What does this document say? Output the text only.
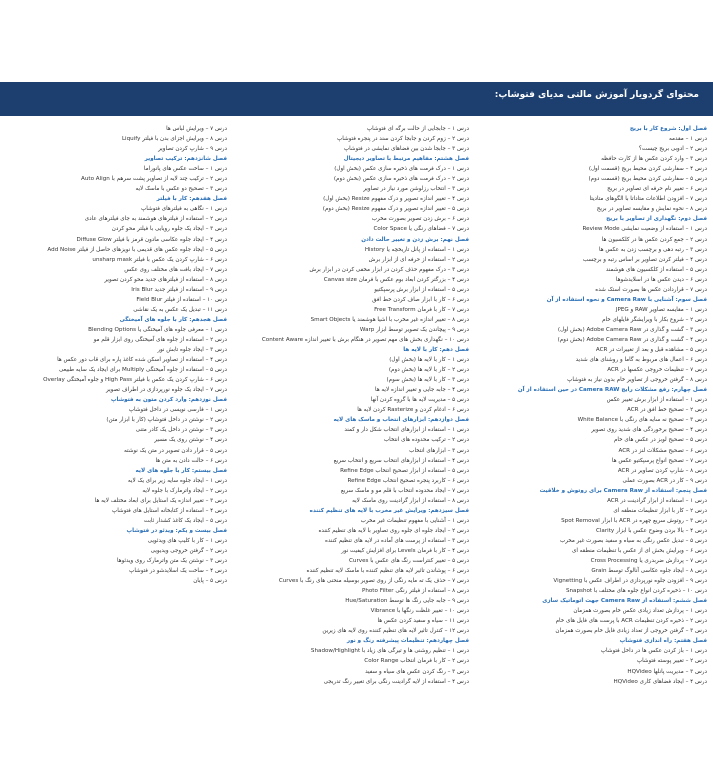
محتوای گردویار آموزش مالتی مدیای فتوشاپ:
فصل اول: شروع کار با بریج
درس ۱ – مقدمه
درس ۲ – ادوبی بریج چیست؟
درس ۳ – وارد کردن عکس ها از کارت حافظه
درس ۴ – سفارشی کردن محیط بریج (قسمت اول)
درس ۵ – سفارشی کردن محیط بریج (قسمت دوم)
درس ۶ – تغییر نام حرفه ای تصاویر در بریج
درس ۷ – افزودن اطلاعات متاداتا با الگوهای متادیتا
درس ۸ – نحوه نمایش و مقایسه تصاویر در بریج
فصل دوم: نگهداری از تصاویر با بریج
درس ۱ – استفاده از وضعیت نمایشی Review Mode
درس ۲ – جمع کردن عکس ها در کلکسیون ها
درس ۳ – رتبه دهی و برچسب زدن به عکس ها
درس ۴ – فیلتر کردن تصاویر بر اساس رتبه و برچسب
درس ۵ – استفاده از کلکسیون های هوشمند
درس ۶ – دیدن عکس ها در اسلایدشوها
درس ۷ – قراردادن عکس ها بصورت استک شده
فصل سوم: آشنایی با Camera Raw و نحوه استفاده از آن
درس ۱ – مقایسه تصاویر RAW و JPEG
درس ۲ – شروع بکار با ویرایشگر فایلهای خام
درس ۳ – گشت و گذاری در Adobe Camera Raw (بخش اول)
درس ۴ – گشت و گذاری در Adobe Camera Raw (بخش دوم)
درس ۵ – مشاهده قبل و بعد از تغییرات در ACR
درس ۶ – اعمال های مربوط به گاما و روشنای های شدید
درس ۷ – تنظیمات خروجی عکسها در ACR
درس ۸ – گرفتن خروجی از تصاویر خام بدون نیاز به فتوشاپ
فصل چهارم: رفع مشکلات رایج Camera RAW در حین استفاده از آن
درس ۱ – استفاده از ابزار برش تغییر عکس
درس ۲ – تصحیح خط افق در ACR
درس ۳ – تصحیح نه سایه های رنگی با White Balance
درس ۴ – تصحیح برخوردگی های شدید روی تصویر
درس ۵ – تصحیح لوبز در عکس های خام
درس ۶ – تصحیح مشکلات لنز در ACR
درس ۷ – تصحیح انواع پرسپکتیو عکس ها
درس ۸ – شارپ کردن تصاویر در ACR
درس ۹ – کار در ACR بصورت عملی
فصل پنجم: استفاده از Camera Raw برای روتوش و خلاقیت
درس ۱ – استفاده از ابزار گرادینت در ACR
درس ۲ – کار با ابزار تنظیمات منطقه ای
درس ۳ – روتوش سریع چهره در ACR با ابزار Spot Removal
درس ۴ – بالا بردن وضوح عکس با ابزار Clarity
درس ۵ – تبدیل عکس رنگی به سیاه و سفید بصورت غیر مخرب
درس ۶ – ویرایش بخش ای از عکس با تنظیمات منطقه ای
درس ۷ – پردازش ضربدری یا Cross Processing
درس ۸ – ایجاد جلوه عکاسی آنالوگ توسط Grain
درس ۹ – افزودن جلوه نورپردازی در اطراف عکس با Vignetting
درس ۱۰ – ذخیره کردن انواع جلوه های مختلف با Snapshot
فصل ششم: استفاده از Camera Raw جهت اتوماتیک سازی
درس ۱ – پردازش تعداد زیادی عکس خام بصورت همزمان
درس ۲ – ذخیره کردن تنظیمات ACR با پرست های فایل های خام
درس ۳ – گرفتن خروجی از تعداد زیادی فایل خام بصورت همزمان
فصل هفتم: راه اندازی فتوشاپ
درس ۱ – باز کردن عکس ها در داخل فتوشاپ
درس ۲ – تغییر پوسته فتوشاپ
درس ۳ – مدیریت پانلها HQVideo
درس ۴ – ایجاد فضاهای کاری HQVideo
درس ۱ – جابجایی از حالت برگه ای فتوشاپ
درس ۲ – زوم کردن و جابجا کردن سند در پنجره فتوشاپ
درس ۳ – جابجا شدن بین فضاهای نمایشی در فتوشاپ
فصل هشتم: مفاهیم مرتبط با تصاویر دیجیتال
درس ۱ – درک فرمت های ذخیره سازی عکس (بخش اول)
درس ۲ – درک فرمت های ذخیره سازی عکس (بخش دوم)
درس ۳ – انتخاب رزلوشن مورد نیاز در تصاویر
درس ۴ – تغییر اندازه تصویر و درک مفهوم Resize (بخش اول)
درس ۵ – تغییر اندازه تصویر و درک مفهوم Resize (بخش دوم)
درس ۶ – برش زدن تصویر بصورت مخرب
درس ۷ – فضاهای رنگی یا Color Space
فصل نهم: برش زدن و تغییر حالت دادن
درس ۱ – استفاده از پانل تاریخچه یا History
درس ۲ – استفاده از حرفه ای از ابزار برش
درس ۳ – درک مفهوم حذف کردن در ابزار مخفی کردن در ابزار برش
درس ۴ – بزرگتر کردن ابعاد بوم عکس با فرمان Canvas size
درس ۵ – استفاده از ابزار برش پرسپکتیو
درس ۶ – کار با ابزار صاف کردن خط افق
درس ۷ – کار با فرمان Free Transform
درس ۸ – تغییر اندازه غیر مخرب با اشیا هوشمند یا Smart Objects
درس ۹ – پیچاندن یک تصویر توسط ابزار Warp
درس ۱۰ – نگهداری بخش های مهم تصویر در هنگام برش با تغییر اندازه Content Aware
فصل دهم: کار با لایه ها
درس ۱ – کار با لایه ها (بخش اول)
درس ۲ – کار با لایه ها (بخش دوم)
درس ۳ – کار با لایه ها (بخش سوم)
درس ۴ – جابه جایی و تغییر اندازه لایه ها
درس ۵ – مدیریت لایه ها با گروه کردن آنها
درس ۶ – ادغام کردن و Rasterize کردن لایه ها
فصل دوازدهم: ابزارهای انتخاب و ماسک های لایه
درس ۱ – استفاده از ابزارهای انتخاب شکل دار و کمند
درس ۲ – ترکیب محدوده های انتخاب
درس ۳ – ابزارهای انتخاب
درس ۴ – استفاده از ابزارهای انتخاب سریع و انتخاب سریع
درس ۵ – استفاده از ابزار تصحیح انتخاب Refine Edge
درس ۶ – کاربرد پنجره تصحیح انتخاب Refine Edge
درس ۷ – ایجاد محدوده انتخاب با قلم مو و ماسک سریع
درس ۸ – استفاده از ابزار گرادینت روی ماسک لایه
فصل سیزدهم: ویرایش غیر مخرب با لایه های تنظیم کننده
درس ۱ – آشنایی با مفهوم تنظیمات غیر مخرب
درس ۲ – ایجاد جلوه ای جلوه روی تصاویر با لایه های تنظیم کننده
درس ۳ – استفاده از پرست های آماده در لایه های تنظیم کننده
درس ۴ – کار با فرمان Levels برای افزایش کیفیت نور
درس ۵ – تغییر کنتراست رنگ های عکس با Curves
درس ۶ – پوشاندن تاثیر لایه های تنظیم کننده با ماسک لایه تنظیم کننده
درس ۷ – حذف یک ته مایه رنگی از روی تصویر بوسیله منحنی های رنگ با Curves
درس ۸ – استفاده از فیلتر رنگی Photo Filter
درس ۹ – جابه جایی رنگ ها توسط Hue/Saturation
درس ۱۰ – تغییر غلظت رنگها با Vibrance
درس ۱۱ – سیاه و سفید کردن عکس ها
درس ۱۲ – کنترل تاثیر لایه های تنظیم کننده روی لایه های زیرین
فصل چهاردهم: تنظیمات پیشرفته رنگ و نور
درس ۱ – تنظیم روشنی ها و تیرگی های زیاد با Shadow/Highlight
درس ۲ – کار با فرمان انتخاب Color Range
درس ۳ – رنگ کردن عکس های سیاه و سفید
درس ۴ – استفاده از لایه گرادینت رنگی برای تغییر رنگ تدریجی
درس ۷ – ویرایش لباس ها
درس ۸ – ویرایش اجزای بدن با فیلتر Liquify
درس ۹ – شارپ کردن تصاویر
فصل شانزدهم: ترکیب تصاویر
درس ۱ – ساخت عکس های پانوراما
درس ۲ – ترکیب چند لایه از تصاویر پشت سرهم با Auto Align
درس ۳ – تصحیح دو عکس با ماسک لایه
فصل هفدهم: کار با فیلتر
درس ۱ – نگاهی به فیلترهای فتوشاپ
درس ۲ – استفاده از فیلترهای هوشمند به جای فیلترهای عادی
درس ۳ – ایجاد یک جلوه رویایی با فیلتر محو کردن
درس ۴ – ایجاد جلوه عکاسی مادون قرمز با فیلتر Diffuse Glow
درس ۵ – ایجاد جلوه عکس های قدیمی با نویزهای حاصل از فیلتر Add Noise
درس ۶ – شارپ کردن یک عکس با فیلتر unsharp mask
درس ۷ – ایجاد بافت های مختلف روی عکس
درس ۸ – استفاده از فیلترهای جدید محو کردن تصویر
درس ۹ – استفاده از فیلتر جدید Iris Blur
درس ۱۰ – استفاده از فیلتر Field Blur
درس ۱۱ – تبدیل یک عکس به یک نقاشی
فصل هجدهم: کار با جلوه های آمیختگی
درس ۱ – معرفی جلوه های آمیختگی یا Blending Options
درس ۲ – استفاده از جلوه های آمیختگی روی ابزار قلم مو
درس ۳ – ایجاد جلوه تابش نور
درس ۴ – استفاده از تصاویر اسکن شده کاغذ پاره برای قاب دور عکس ها
درس ۵ – استفاده از جلوه آمیختگی Multiply برای ایجاد یک سایه طبیعی
درس ۶ – شارپ کردن یک عکس با فیلتر High Pass و جلوه آمیختگی Overlay
درس ۷ – ایجاد یک جلوه نورپردازی در اطراف تصویر
فصل نوزدهم: وارد کردن متون به فتوشاپ
درس ۱ – فارسی نویسی در داخل فتوشاپ
درس ۲ – نوشتن در داخل فتوشاپ (کار با ابزار متن)
درس ۳ – نوشتن در داخل یک کادر متنی
درس ۴ – نوشتن روی یک مسیر
درس ۵ – قرار دادن تصویر در متن یک نوشته
درس ۶ – حالت دادن به متن ها
فصل بیستم: کار با جلوه های لایه
درس ۱ – ایجاد جلوه سایه زیر برای یک لایه
درس ۲ – ایجاد واترمارک با جلوه لایه
درس ۳ – تغییر اندازه یک استایل برای ابعاد مختلف لایه ها
درس ۴ – استفاده از کتابخانه استایل های فتوشاپ
درس ۵ – ایجاد یک کاغذ کشدار ثابت
فصل بیست و یکم: ویدئو در فتوشاپ
درس ۱ – کار با کلیپ های ویدئویی
درس ۲ – گرفتن خروجی ویدیویی
درس ۳ – نوشتن یک متن واترمارک روی ویدئوها
درس ۴ – ساخت یک اسلایدشو در فتوشاپ
درس ۵ – پایان
